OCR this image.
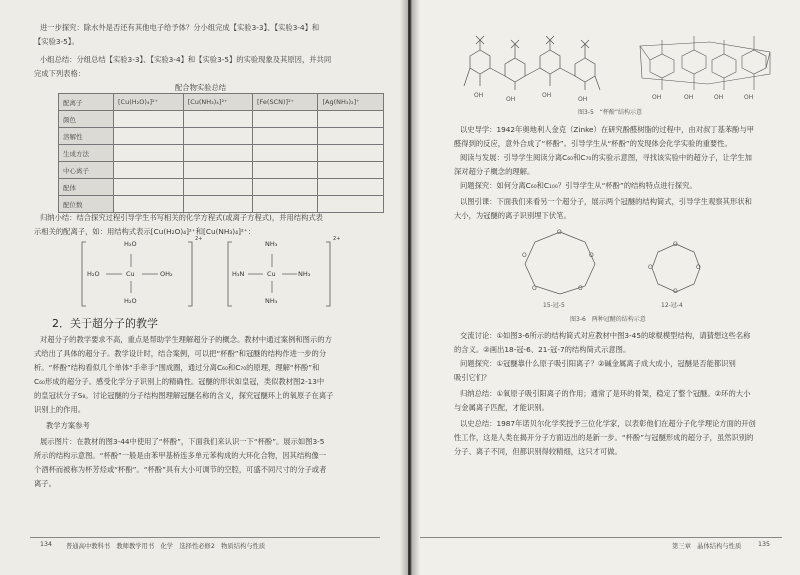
进一步探究：除水外是否还有其他电子给予体？分小组完成【实验3-3】、【实验3-4】和
【实验3-5】。
小组总结：分组总结【实验3-3】、【实验3-4】和【实验3-5】的实验现象及其原因，并共同
完成下列表格：
配合物实验总结
配离子	[Cu(H₂O)₄]²⁺	[Cu(NH₃)₄]²⁺	[Fe(SCN)]²⁺	[Ag(NH₃)₂]⁺
颜色				
溶解性				
生成方法				
中心离子				
配体				
配位数				
归纳小结：结合探究过程引导学生书写相关的化学方程式(或离子方程式)，并用结构式表
示相关的配离子，如：用结构式表示[Cu(H₂O)₄]²⁺和[Cu(NH₃)₄]²⁺：
H₂O
H₂O	Cu	OH₂
H₂O
2+
NH₃
H₃N	Cu	NH₃
NH₃
2+
2．关于超分子的教学
对超分子的教学要求不高，重点是帮助学生理解超分子的概念。教材中通过案例和图示的方
式给出了具体的超分子。教学设计时，结合案例，可以把“杯酚”和冠醚的结构作进一步的分
析。“杯酚”结构看似几个单体“手牵手”围成圈，通过分离C₆₀和C₇₀的原理，理解“杯酚”和
C₆₀形成的超分子。感受化学分子识别上的精确性。冠醚的形状如皇冠，类似教材图2-13中
的皇冠状分子S₈。讨论冠醚的分子结构图理解冠醚名称的含义，探究冠醚环上的氧原子在离子
识别上的作用。
教学方案参考
展示图片：在教材的图3-44中使用了“杯酚”，下面我们来认识一下“杯酚”。展示如图3-5
所示的结构示意图。“杯酚”一般是由苯甲基桥连多单元苯构成的大环化合物，因其结构像一
个酒杯而被称为杯芳烃或“杯酚”。“杯酚”具有大小可调节的空腔，可盛不同尺寸的分子或者
离子。
134 普通高中教科书　教师教学用书　化学　选择性必修2　物质结构与性质
OH
OH
OH
OH	OH	OH	OH	OH
图3-5　“杯酚”结构示意
以史导学：1942年奥地利人金克（Zinke）在研究酚醛树脂的过程中，由对叔丁基苯酚与甲
醛得到的反应，意外合成了“杯酚”。引导学生从“杯酚”的发现体会化学实验的重要性。
阅读与发展：引导学生阅读分离C₆₀和C₇₀的实验示意图，寻找该实验中的超分子，让学生加
深对超分子概念的理解。
问题探究：如何分离C₆₀和C₁₀₀？引导学生从“杯酚”的结构特点进行探究。
以图引课：下面我们来看另一个超分子，展示两个冠醚的结构简式，引导学生观察其形状和
大小，为冠醚的离子识别埋下伏笔。
O
O
O
O
O
15-冠-5
O
O
O
O
12-冠-4
图3-6　两种冠醚的结构示意
交流讨论：①如图3-6所示的结构简式对应教材中图3-45的球棍模型结构，请猜想这些名称
的含义。②画出18-冠-6、21-冠-7的结构简式示意图。
问题探究：①冠醚靠什么原子吸引阳离子？②碱金属离子成大成小，冠醚是否能都识别
吸引它们？
归纳总结：①氧原子吸引阳离子的作用；通常了是环的骨架，稳定了整个冠醚。②环的大小
与金属离子匹配，才能识别。
以史总结：1987年诺贝尔化学奖授予三位化学家，以表彰他们在超分子化学理论方面的开创
性工作，这是人类在揭开分子方面迈出的是新一步。“杯酚”与冠醚形成的超分子，虽然识别的
分子、离子不同，但都识别得较精细，这只才可做。
第三章　晶体结构与性质	135
